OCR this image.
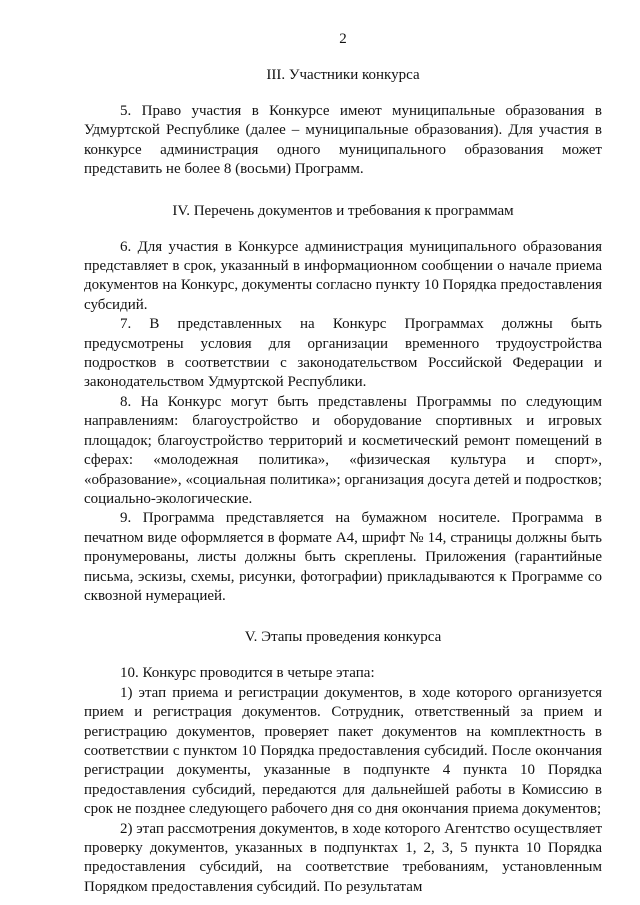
2
III. Участники конкурса

5. Право участия в Конкурсе имеют муниципальные образования в Удмуртской Республике (далее – муниципальные образования). Для участия в конкурсе администрация одного муниципального образования может представить не более 8 (восьми) Программ.

IV. Перечень документов и требования к программам

6. Для участия в Конкурсе администрация муниципального образования представляет в срок, указанный в информационном сообщении о начале приема документов на Конкурс, документы согласно пункту 10 Порядка предоставления субсидий.

7. В представленных на Конкурс Программах должны быть предусмотрены условия для организации временного трудоустройства подростков в соответствии с законодательством Российской Федерации и законодательством Удмуртской Республики.

8. На Конкурс могут быть представлены Программы по следующим направлениям: благоустройство и оборудование спортивных и игровых площадок; благоустройство территорий и косметический ремонт помещений в сферах: «молодежная политика», «физическая культура и спорт», «образование», «социальная политика»; организация досуга детей и подростков; социально-экологические.

9. Программа представляется на бумажном носителе. Программа в печатном виде оформляется в формате А4, шрифт № 14, страницы должны быть пронумерованы, листы должны быть скреплены. Приложения (гарантийные письма, эскизы, схемы, рисунки, фотографии) прикладываются к Программе со сквозной нумерацией.

V. Этапы проведения конкурса

10. Конкурс проводится в четыре этапа:

1) этап приема и регистрации документов, в ходе которого организуется прием и регистрация документов. Сотрудник, ответственный за прием и регистрацию документов, проверяет пакет документов на комплектность в соответствии с пунктом 10 Порядка предоставления субсидий. После окончания регистрации документы, указанные в подпункте 4 пункта 10 Порядка предоставления субсидий, передаются для дальнейшей работы в Комиссию в срок не позднее следующего рабочего дня со дня окончания приема документов;

2) этап рассмотрения документов, в ходе которого Агентство осуществляет проверку документов, указанных в подпунктах 1, 2, 3, 5 пункта 10 Порядка предоставления субсидий, на соответствие требованиям, установленным Порядком предоставления субсидий. По результатам
